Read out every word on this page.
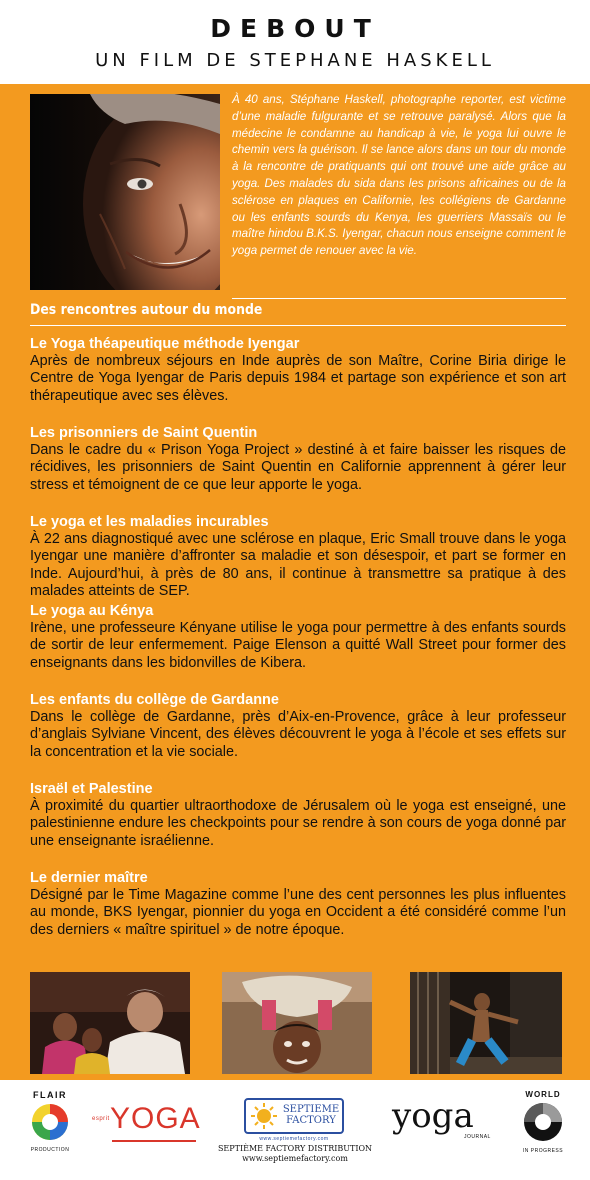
DEBOUT
UN FILM DE STEPHANE HASKELL
À 40 ans, Stéphane Haskell, photographe reporter, est victime d’une maladie fulgurante et se retrouve paralysé. Alors que la médecine le condamne au handicap à vie, le yoga lui ouvre le chemin vers la guérison. Il se lance alors dans un tour du monde à la rencontre de pratiquants qui ont trouvé une aide grâce au yoga. Des malades du sida dans les prisons africaines ou de la sclérose en plaques en Californie, les collégiens de Gardanne ou les enfants sourds du Kenya, les guerriers Massaïs ou le maître hindou B.K.S. Iyengar, chacun nous enseigne comment le yoga permet de renouer avec la vie.
Des rencontres autour du monde
Le Yoga théapeutique méthode Iyengar
Après de nombreux séjours en Inde auprès de son Maître, Corine Biria dirige le Centre de Yoga Iyengar de Paris depuis 1984 et partage son expérience et son art thérapeutique avec ses élèves.
Les prisonniers de Saint Quentin
Dans le cadre du « Prison Yoga Project » destiné à et faire baisser les risques de récidives, les prisonniers de Saint Quentin en Californie apprennent à gérer leur stress et témoignent de ce que leur apporte le yoga.
Le yoga et les maladies incurables
À 22 ans diagnostiqué avec une sclérose en plaque, Eric Small trouve dans le yoga Iyengar une manière d’affronter sa maladie et son désespoir, et part se former en Inde. Aujourd’hui, à près de 80 ans, il continue à transmettre sa pratique à des malades atteints de SEP.
Le yoga au Kénya
Irène, une professeure Kényane utilise le yoga pour permettre à des enfants sourds de sortir de leur enfermement. Paige Elenson a quitté Wall Street pour former des enseignants dans les bidonvilles de Kibera.
Les enfants du collège de Gardanne
Dans le collège de Gardanne, près d’Aix-en-Provence, grâce à leur professeur d’anglais Sylviane Vincent, des élèves découvrent le yoga à l’école et ses effets sur la concentration et la vie sociale.
Israël et Palestine
À proximité du quartier ultraorthodoxe de Jérusalem où le yoga est enseigné, une palestinienne endure les checkpoints pour se rendre à son cours de yoga donné par une enseignante israélienne.
Le dernier maître
Désigné par le Time Magazine comme l’une des cent personnes les plus influentes au monde, BKS Iyengar, pionnier du yoga en Occident a été considéré comme l’un des derniers « maître spirituel » de notre époque.
FLAIR
PRODUCTION
esprit YOGA	SEPTIEME FACTORY
www.septiemefactory.com
SEPTIÈME FACTORY DISTRIBUTION
www.septiemefactory.com
yoga
JOURNAL
WORLD
IN PROGRESS
